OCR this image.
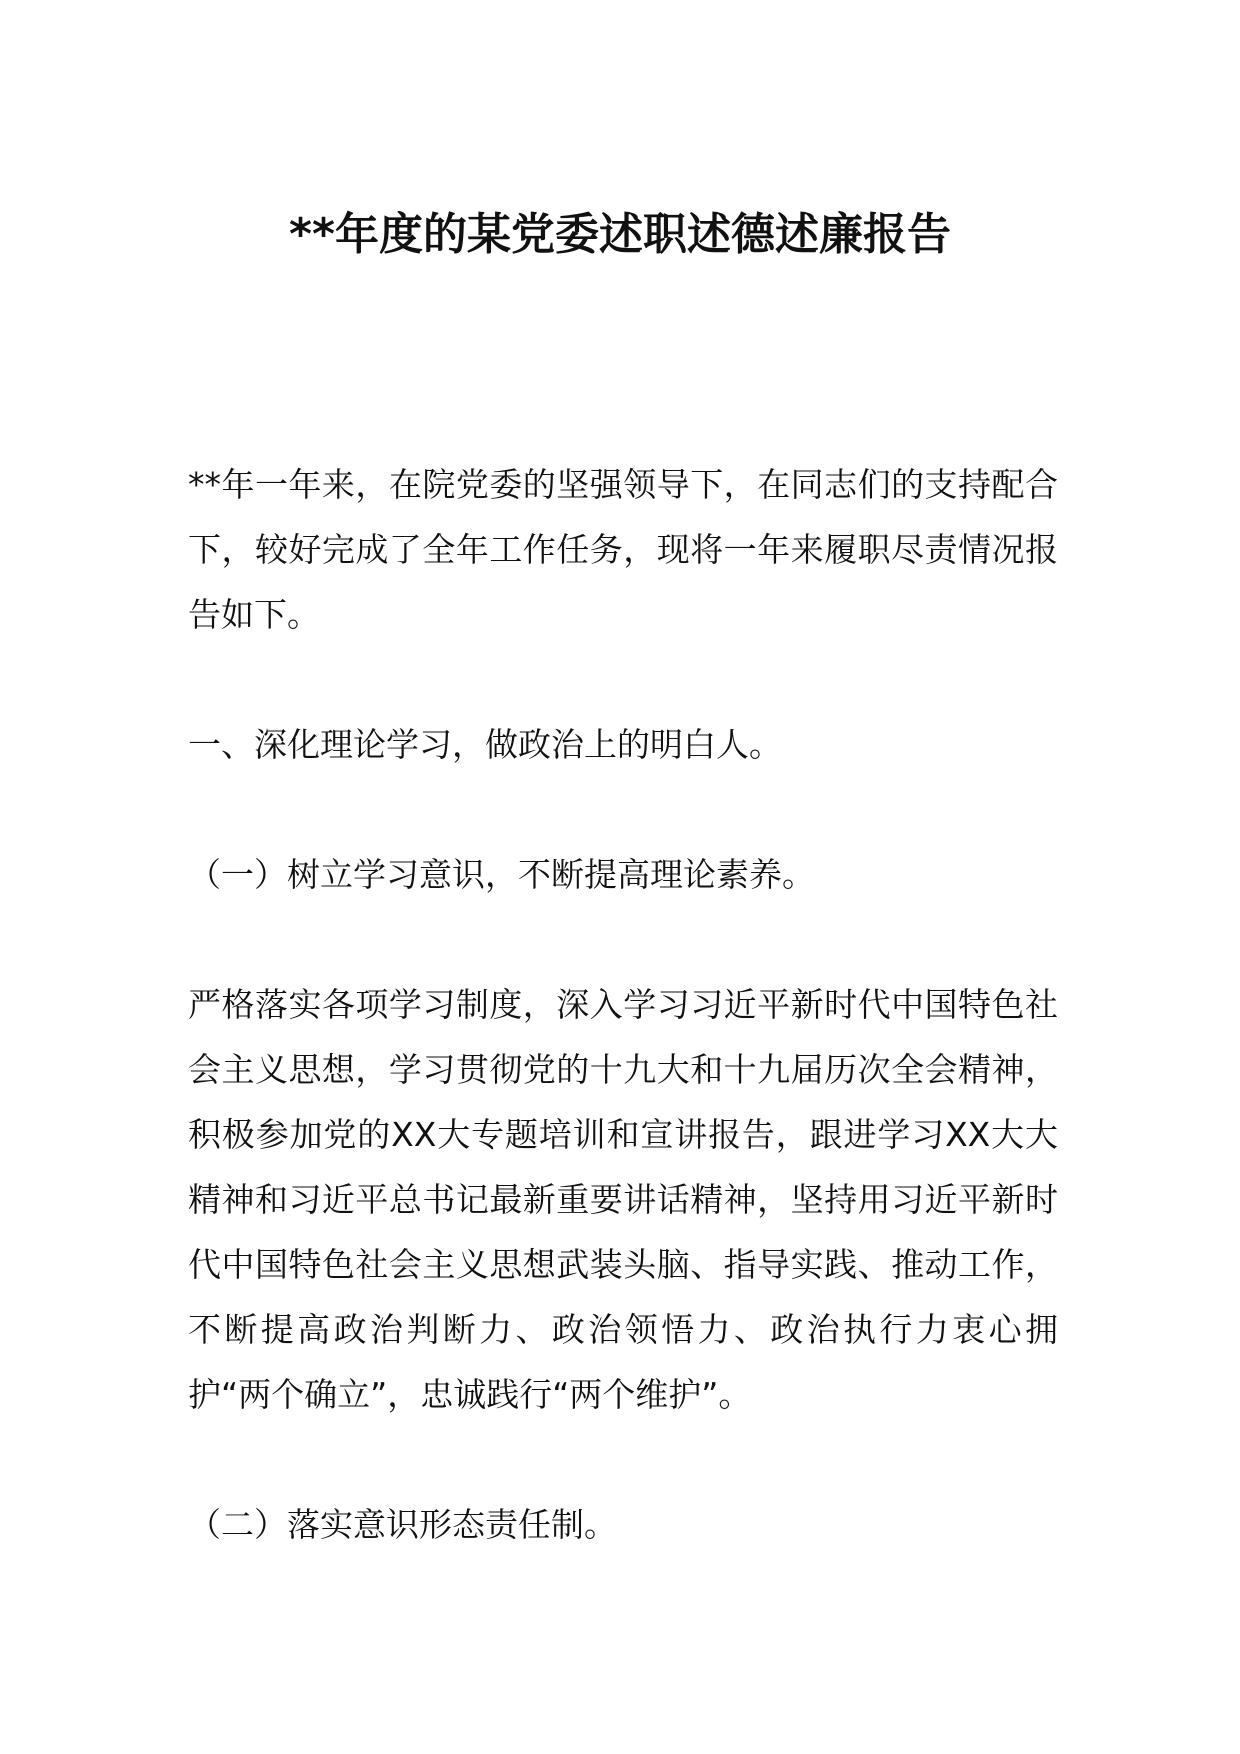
**年度的某党委述职述德述廉报告

**年一年来，在院党委的坚强领导下，在同志们的支持配合下，较好完成了全年工作任务，现将一年来履职尽责情况报告如下。

一、深化理论学习，做政治上的明白人。

（一）树立学习意识，不断提高理论素养。

严格落实各项学习制度，深入学习习近平新时代中国特色社会主义思想，学习贯彻党的十九大和十九届历次全会精神，积极参加党的XX大专题培训和宣讲报告，跟进学习XX大大精神和习近平总书记最新重要讲话精神，坚持用习近平新时代中国特色社会主义思想武装头脑、指导实践、推动工作，不断提高政治判断力、政治领悟力、政治执行力衷心拥护“两个确立”，忠诚践行“两个维护”。

（二）落实意识形态责任制。
